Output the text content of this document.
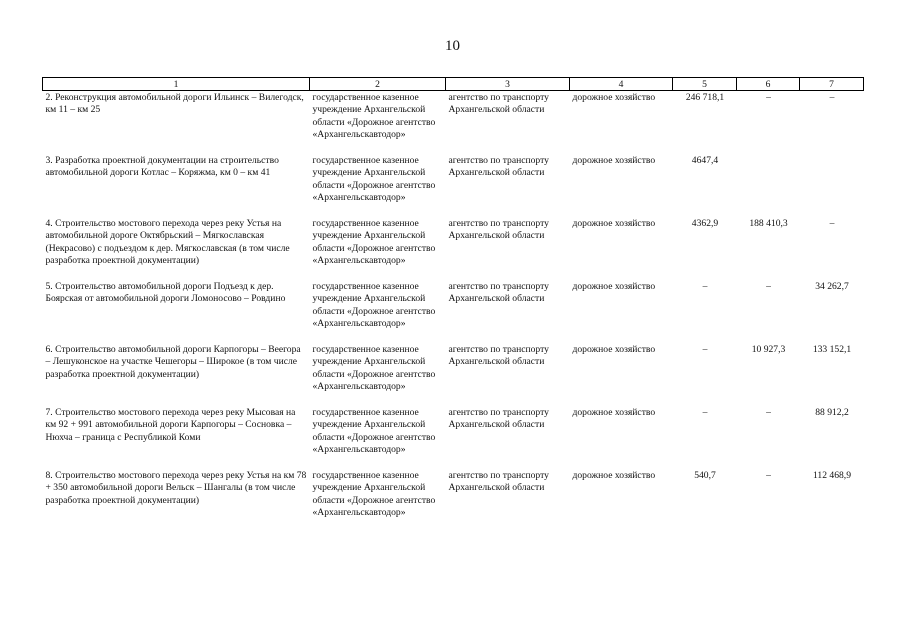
10
1	2	3	4	5	6	7
2. Реконструкция автомобильной дороги Ильинск – Вилегодск, км 11 – км 25	государственное казенное учреждение Архангельской области «Дорожное агентство «Архангельскавтодор»	агентство по транспорту Архангельской области	дорожное хозяйство	246 718,1	–	–
3. Разработка проектной документации на строительство автомобильной дороги Котлас – Коряжма, км 0 – км 41	государственное казенное учреждение Архангельской области «Дорожное агентство «Архангельскавтодор»	агентство по транспорту Архангельской области	дорожное хозяйство	4647,4		
4. Строительство мостового перехода через реку Устья на автомобильной дороге Октябрьский – Мягкославская (Некрасово) с подъездом к дер. Мягкославская (в том числе разработка проектной документации)	государственное казенное учреждение Архангельской области «Дорожное агентство «Архангельскавтодор»	агентство по транспорту Архангельской области	дорожное хозяйство	4362,9	188 410,3	–
5. Строительство автомобильной дороги Подъезд к дер. Боярская от автомобильной дороги Ломоносово – Ровдино	государственное казенное учреждение Архангельской области «Дорожное агентство «Архангельскавтодор»	агентство по транспорту Архангельской области	дорожное хозяйство	–	–	34 262,7
6. Строительство автомобильной дороги Карпогоры – Веегора – Лешуконское на участке Чешегоры – Широкое (в том числе разработка проектной документации)	государственное казенное учреждение Архангельской области «Дорожное агентство «Архангельскавтодор»	агентство по транспорту Архангельской области	дорожное хозяйство	–	10 927,3	133 152,1
7. Строительство мостового перехода через реку Мысовая на км 92 + 991 автомобильной дороги Карпогоры – Сосновка – Нюхча – граница с Республикой Коми	государственное казенное учреждение Архангельской области «Дорожное агентство «Архангельскавтодор»	агентство по транспорту Архангельской области	дорожное хозяйство	–	–	88 912,2
8. Строительство мостового перехода через реку Устья на км 78 + 350 автомобильной дороги Вельск – Шангалы (в том числе разработка проектной документации)	государственное казенное учреждение Архангельской области «Дорожное агентство «Архангельскавтодор»	агентство по транспорту Архангельской области	дорожное хозяйство	540,7	–	112 468,9
